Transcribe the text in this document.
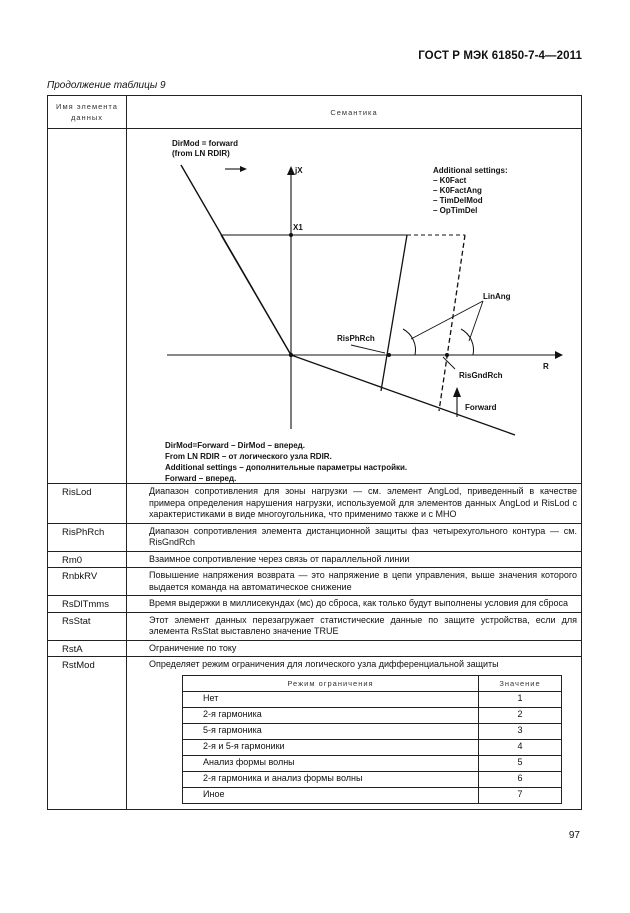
ГОСТ Р МЭК 61850-7-4—2011
Продолжение таблицы 9
Имя элемента данных	Семантика

DirMod = forward
(from LN RDIR)
jX
X1
R
Additional settings:
– K0Fact
– K0FactAng
– TimDelMod
– OpTimDel
LinAng
RisPhRch
RisGndRch
Forward
DirMod=Forward – DirMod – вперед.
From LN RDIR – от логического узла RDIR.
Additional settings – дополнительные параметры настройки.
Forward – вперед.

RisLod	Диапазон сопротивления для зоны нагрузки — см. элемент AngLod, приведенный в качестве примера определения нарушения нагрузки, используемой для элементов данных AngLod и RisLod с характеристиками в виде многоугольника, что применимо также и с МНО

RisPhRch	Диапазон сопротивления элемента дистанционной защиты фаз четырехугольного контура — см. RisGndRch

Rm0	Взаимное сопротивление через связь от параллельной линии

RnbkRV	Повышение напряжения возврата — это напряжение в цепи управления, выше значения которого выдается команда на автоматическое снижение

RsDlTmms	Время выдержки в миллисекундах (мс) до сброса, как только будут выполнены условия для сброса

RsStat	Этот элемент данных перезагружает статистические данные по защите устройства, если для элемента RsStat выставлено значение TRUE

RstA	Ограничение по току

RstMod	Определяет режим ограничения для логического узла дифференциальной защиты
Режим ограничения	Значение
Нет	1
2-я гармоника	2
5-я гармоника	3
2-я и 5-я гармоники	4
Анализ формы волны	5
2-я гармоника и анализ формы волны	6
Иное	7
97
